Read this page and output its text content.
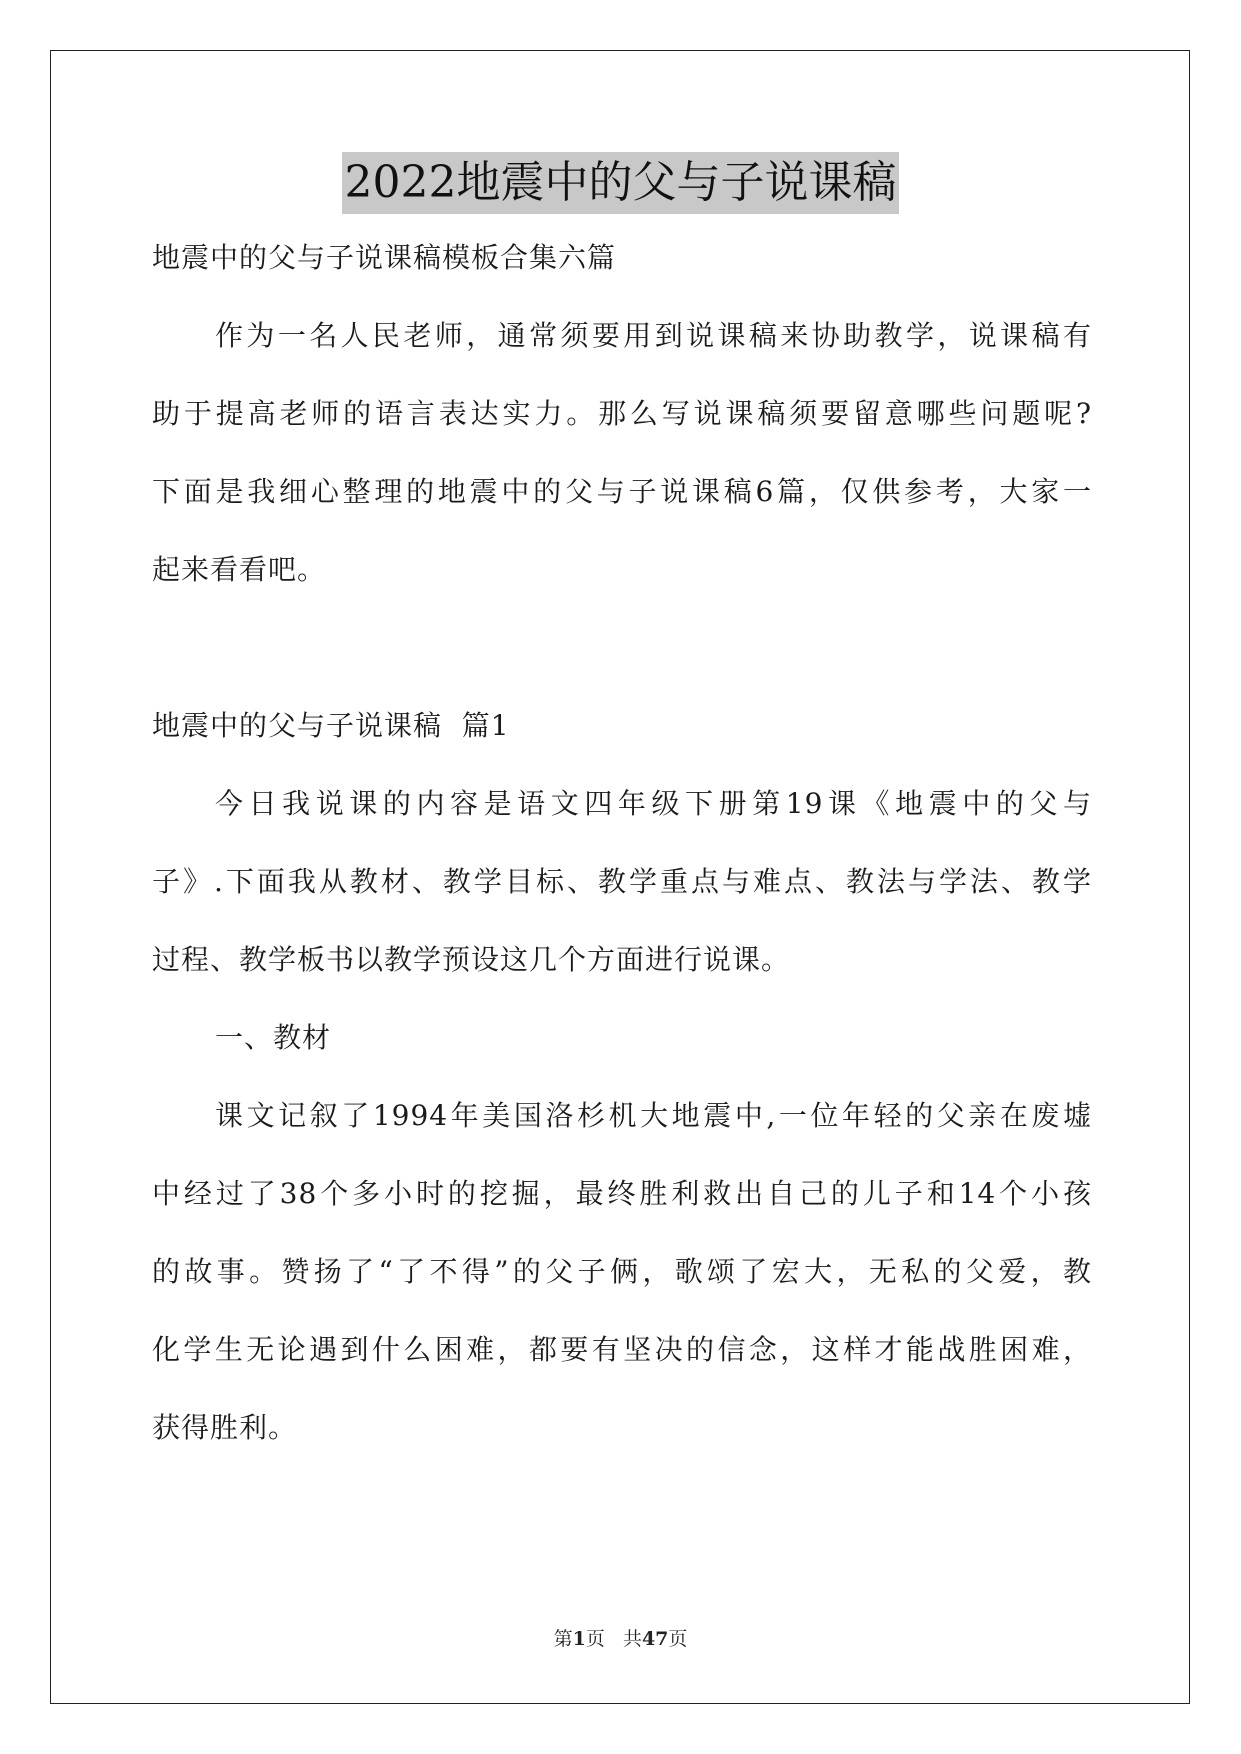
2022地震中的父与子说课稿
地震中的父与子说课稿模板合集六篇
作为一名人民老师，通常须要用到说课稿来协助教学，说课稿有
助于提高老师的语言表达实力。那么写说课稿须要留意哪些问题呢?
下面是我细心整理的地震中的父与子说课稿6篇，仅供参考，大家一
起来看看吧。
地震中的父与子说课稿  篇1
今日我说课的内容是语文四年级下册第19课《地震中的父与
子》.下面我从教材、教学目标、教学重点与难点、教法与学法、教学
过程、教学板书以教学预设这几个方面进行说课。
一、教材
课文记叙了1994年美国洛杉机大地震中,一位年轻的父亲在废墟
中经过了38个多小时的挖掘，最终胜利救出自己的儿子和14个小孩
的故事。赞扬了“了不得”的父子俩，歌颂了宏大，无私的父爱，教
化学生无论遇到什么困难，都要有坚决的信念，这样才能战胜困难，
获得胜利。
第1页   共47页
